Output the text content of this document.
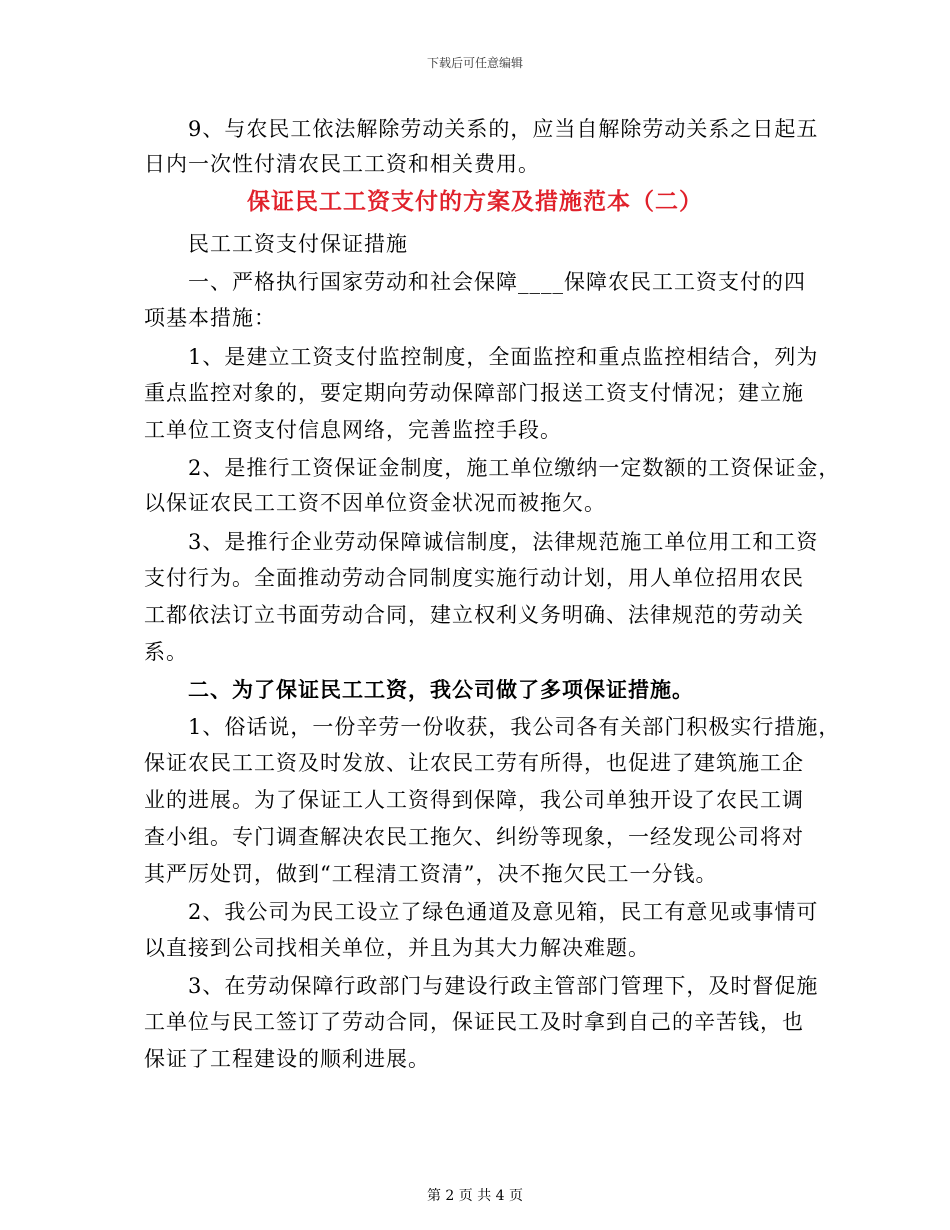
下载后可任意编辑
9、与农民工依法解除劳动关系的，应当自解除劳动关系之日起五
日内一次性付清农民工工资和相关费用。
保证民工工资支付的方案及措施范本（二）
民工工资支付保证措施
一、严格执行国家劳动和社会保障____保障农民工工资支付的四
项基本措施：
1、是建立工资支付监控制度，全面监控和重点监控相结合，列为
重点监控对象的，要定期向劳动保障部门报送工资支付情况；建立施
工单位工资支付信息网络，完善监控手段。
2、是推行工资保证金制度，施工单位缴纳一定数额的工资保证金，
以保证农民工工资不因单位资金状况而被拖欠。
3、是推行企业劳动保障诚信制度，法律规范施工单位用工和工资
支付行为。全面推动劳动合同制度实施行动计划，用人单位招用农民
工都依法订立书面劳动合同，建立权利义务明确、法律规范的劳动关
系。
二、为了保证民工工资，我公司做了多项保证措施。
1、俗话说，一份辛劳一份收获，我公司各有关部门积极实行措施，
保证农民工工资及时发放、让农民工劳有所得，也促进了建筑施工企
业的进展。为了保证工人工资得到保障，我公司单独开设了农民工调
查小组。专门调查解决农民工拖欠、纠纷等现象，一经发现公司将对
其严厉处罚，做到“工程清工资清”，决不拖欠民工一分钱。
2、我公司为民工设立了绿色通道及意见箱，民工有意见或事情可
以直接到公司找相关单位，并且为其大力解决难题。
3、在劳动保障行政部门与建设行政主管部门管理下，及时督促施
工单位与民工签订了劳动合同，保证民工及时拿到自己的辛苦钱，也
保证了工程建设的顺利进展。
第 2 页 共 4 页
